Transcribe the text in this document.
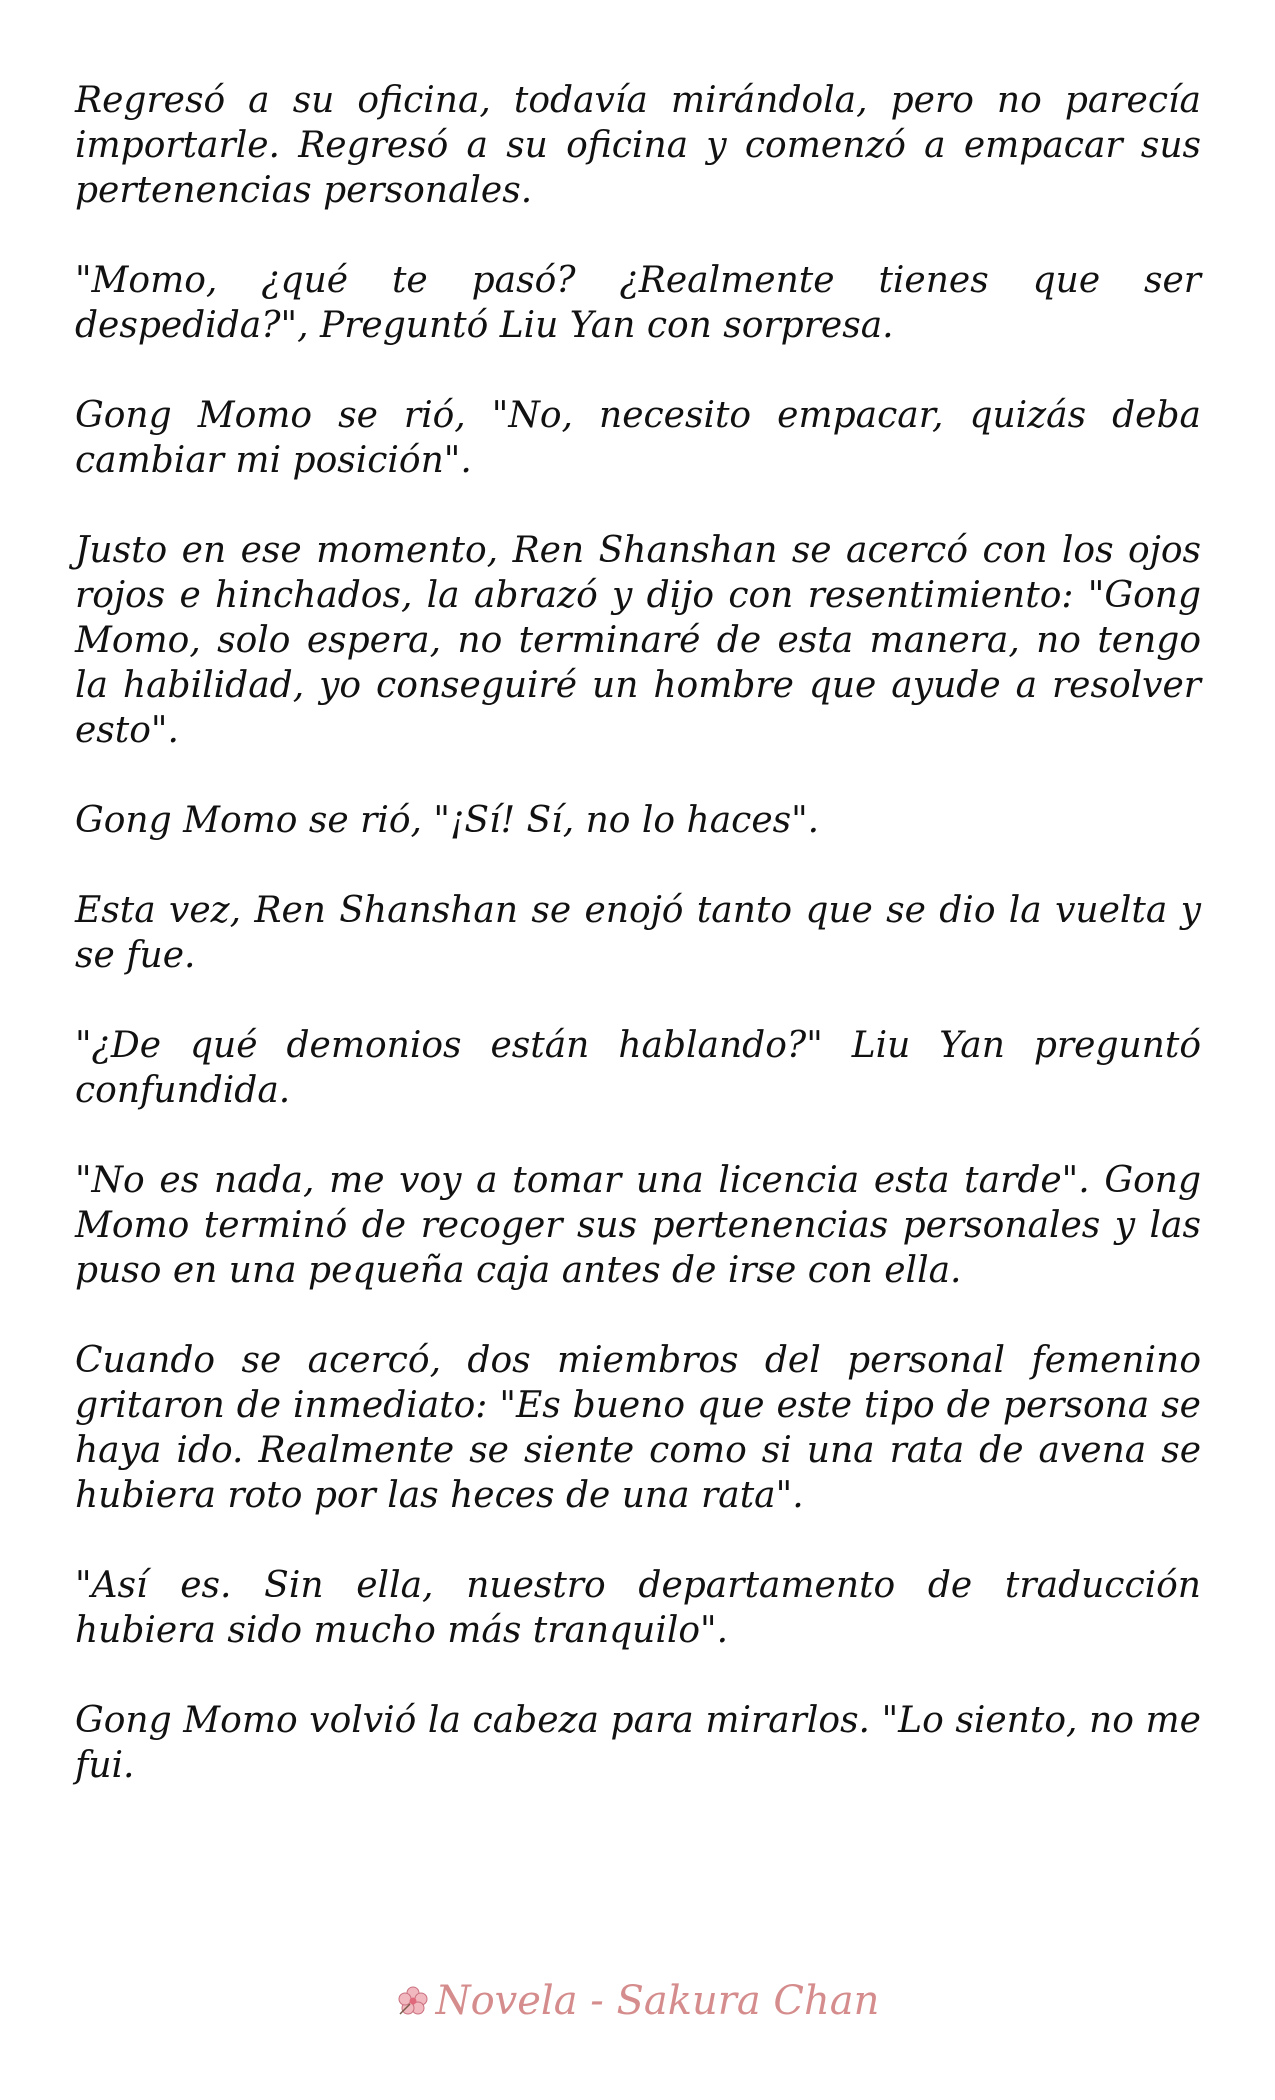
Regresó a su oficina, todavía mirándola, pero no parecía importarle. Regresó a su oficina y comenzó a empacar sus pertenencias personales.

"Momo, ¿qué te pasó? ¿Realmente tienes que ser despedida?", Preguntó Liu Yan con sorpresa.

Gong Momo se rió, "No, necesito empacar, quizás deba cambiar mi posición".

Justo en ese momento, Ren Shanshan se acercó con los ojos rojos e hinchados, la abrazó y dijo con resentimiento: "Gong Momo, solo espera, no terminaré de esta manera, no tengo la habilidad, yo conseguiré un hombre que ayude a resolver esto".

Gong Momo se rió, "¡Sí! Sí, no lo haces".

Esta vez, Ren Shanshan se enojó tanto que se dio la vuelta y se fue.

"¿De qué demonios están hablando?" Liu Yan preguntó confundida.

"No es nada, me voy a tomar una licencia esta tarde". Gong Momo terminó de recoger sus pertenencias personales y las puso en una pequeña caja antes de irse con ella.

Cuando se acercó, dos miembros del personal femenino gritaron de inmediato: "Es bueno que este tipo de persona se haya ido. Realmente se siente como si una rata de avena se hubiera roto por las heces de una rata".

"Así es. Sin ella, nuestro departamento de traducción hubiera sido mucho más tranquilo".

Gong Momo volvió la cabeza para mirarlos. "Lo siento, no me fui.

Novela - Sakura Chan
